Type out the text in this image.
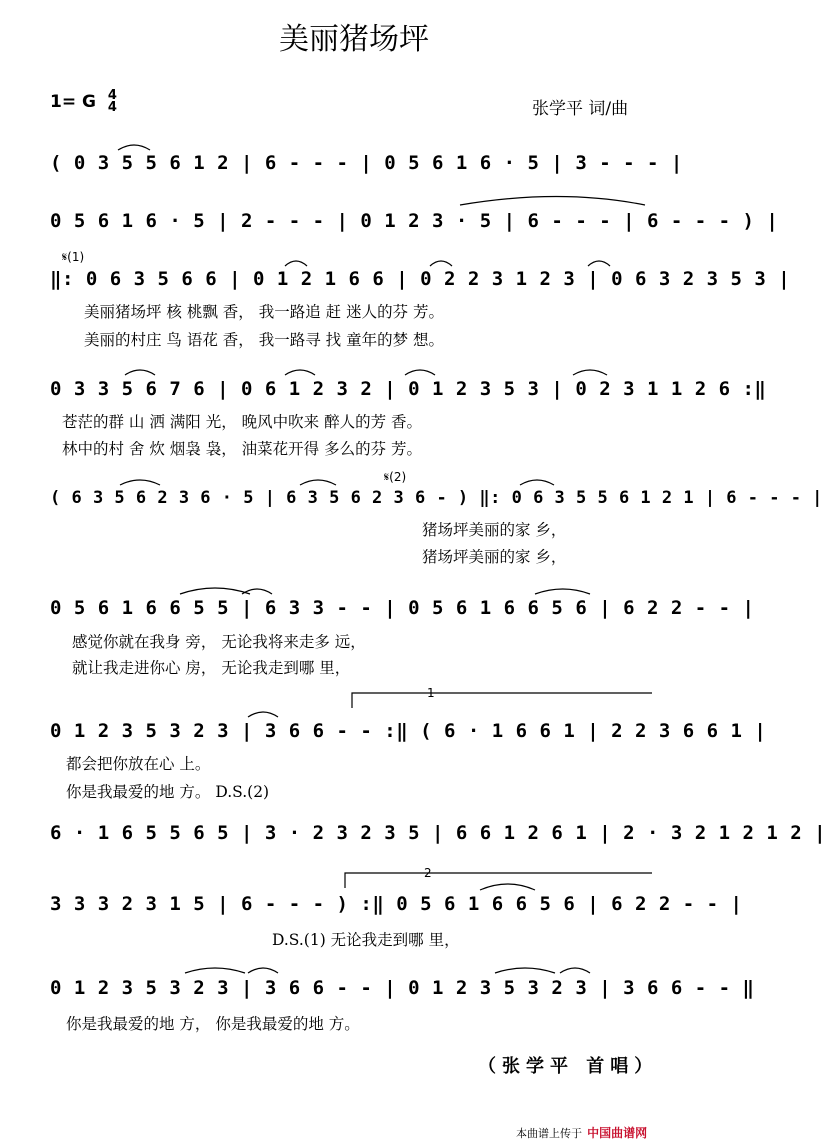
美丽猪场坪
1= G 4
4	张学平 词/曲
( 0 3 5 5 6 1 2 | 6 - - - | 0 5 6 1 6 · 5 | 3 - - - |
0 5 6 1 6 · 5 | 2 - - - | 0 1 2 3 · 5 | 6 - - - | 6 - - - ) |
𝄋(1)
‖: 0 6 3 5 6 6 | 0 1 2 1 6 6 | 0 2 2 3 1 2 3 | 0 6 3 2 3 5 3 |
美丽猪场坪 核 桃飘 香， 我一路追 赶 迷人的芬 芳。
美丽的村庄 鸟 语花 香， 我一路寻 找 童年的梦 想。
0 3 3 5 6 7 6 | 0 6 1 2 3 2 | 0 1 2 3 5 3 | 0 2 3 1 1 2 6 :‖
苍茫的群 山 洒 满阳 光， 晚风中吹来 醉人的芳 香。
林中的村 舍 炊 烟袅 袅， 油菜花开得 多么的芬 芳。
𝄋(2)
( 6 3 5 6 2 3 6 · 5 | 6 3 5 6 2 3 6 - ) ‖: 0 6 3 5 5 6 1 2 1 | 6 - - - |
猪场坪美丽的家 乡，
猪场坪美丽的家 乡，
0 5 6 1 6 6 5 5 | 6 3 3 - - | 0 5 6 1 6 6 5 6 | 6 2 2 - - |
感觉你就在我身 旁， 无论我将来走多 远，
就让我走进你心 房， 无论我走到哪 里，
1
0 1 2 3 5 3 2 3 | 3 6 6 - - :‖ ( 6 · 1 6 6 1 | 2 2 3 6 6 1 |
都会把你放在心 上。
你是我最爱的地 方。 D.S.(2)
6 · 1 6 5 5 6 5 | 3 · 2 3 2 3 5 | 6 6 1 2 6 1 | 2 · 3 2 1 2 1 2 |
2
3 3 3 2 3 1 5 | 6 - - - ) :‖ 0 5 6 1 6 6 5 6 | 6 2 2 - - |
D.S.(1) 无论我走到哪 里，
0 1 2 3 5 3 2 3 | 3 6 6 - - | 0 1 2 3 5 3 2 3 | 3 6 6 - - ‖
你是我最爱的地 方， 你是我最爱的地 方。
（张学平 首唱）
本曲谱上传于 中国曲谱网
